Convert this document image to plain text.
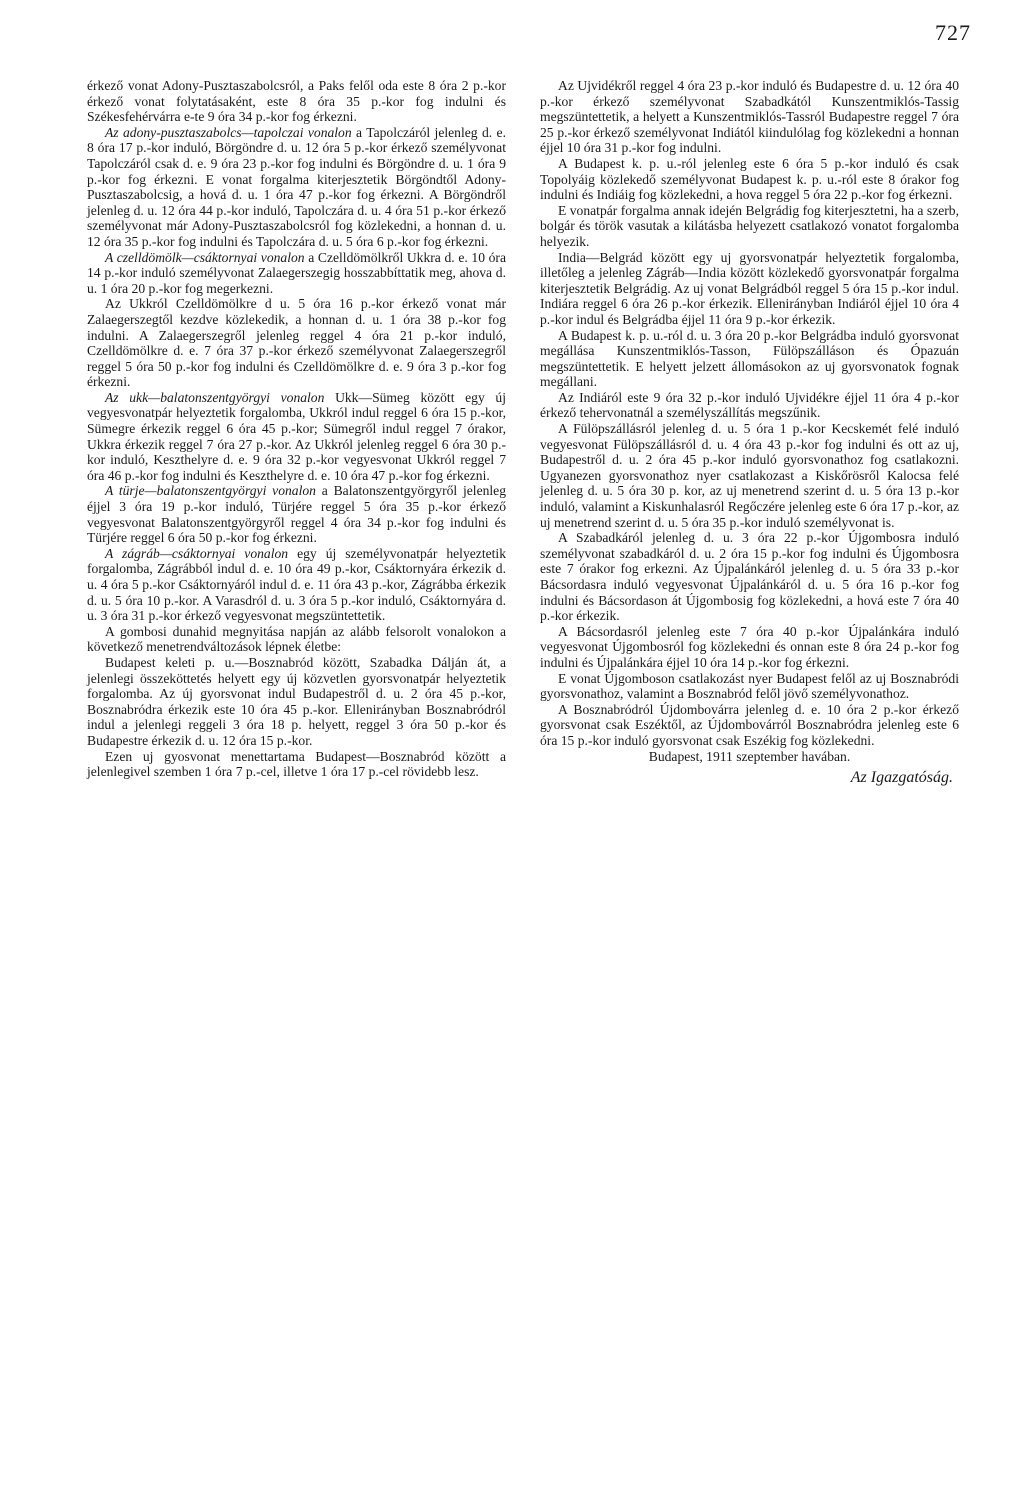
727

érkező vonat Adony-Pusztaszabolcsról, a Paks felől oda este 8 óra 2 p.-kor érkező vonat folytatásaként, este 8 óra 35 p.-kor fog indulni és Székesfehérvárra e-te 9 óra 34 p.-kor fog érkezni.

Az adony-pusztaszabolcs—tapolczai vonalon a Tapolczáról jelenleg d. e. 8 óra 17 p.-kor induló, Börgöndre d. u. 12 óra 5 p.-kor érkező személyvonat Tapolczáról csak d. e. 9 óra 23 p.-kor fog indulni és Börgöndre d. u. 1 óra 9 p.-kor fog érkezni. E vonat forgalma kiterjesztetik Börgöndtől Adony-Pusztaszabolcsig, a hová d. u. 1 óra 47 p.-kor fog érkezni. A Börgöndről jelenleg d. u. 12 óra 44 p.-kor induló, Tapolczára d. u. 4 óra 51 p.-kor érkező személyvonat már Adony-Pusztaszabolcsról fog közlekedni, a honnan d. u. 12 óra 35 p.-kor fog indulni és Tapolczára d. u. 5 óra 6 p.-kor fog érkezni.

A czelldömölk—csáktornyai vonalon a Czelldömölkről Ukkra d. e. 10 óra 14 p.-kor induló személyvonat Zalaegerszegig hosszabbíttatik meg, ahova d. u. 1 óra 20 p.-kor fog megerkezni.

Az Ukkról Czelldömölkre d u. 5 óra 16 p.-kor érkező vonat már Zalaegerszegtől kezdve közlekedik, a honnan d. u. 1 óra 38 p.-kor fog indulni. A Zalaegerszegről jelenleg reggel 4 óra 21 p.-kor induló, Czelldömölkre d. e. 7 óra 37 p.-kor érkező személyvonat Zalaegerszegről reggel 5 óra 50 p.-kor fog indulni és Czelldömölkre d. e. 9 óra 3 p.-kor fog érkezni.

Az ukk—balatonszentgyörgyi vonalon Ukk—Sümeg között egy új vegyesvonatpár helyeztetik forgalomba, Ukkról indul reggel 6 óra 15 p.-kor, Sümegre érkezik reggel 6 óra 45 p.-kor; Sümegről indul reggel 7 órakor, Ukkra érkezik reggel 7 óra 27 p.-kor. Az Ukkról jelenleg reggel 6 óra 30 p.-kor induló, Keszthelyre d. e. 9 óra 32 p.-kor vegyesvonat Ukkról reggel 7 óra 46 p.-kor fog indulni és Keszthelyre d. e. 10 óra 47 p.-kor fog érkezni.

A türje—balatonszentgyörgyi vonalon a Balatonszentgyörgyről jelenleg éjjel 3 óra 19 p.-kor induló, Türjére reggel 5 óra 35 p.-kor érkező vegyesvonat Balatonszentgyörgyről reggel 4 óra 34 p.-kor fog indulni és Türjére reggel 6 óra 50 p.-kor fog érkezni.

A zágráb—csáktornyai vonalon egy új személyvonatpár helyeztetik forgalomba, Zágrábból indul d. e. 10 óra 49 p.-kor, Csáktornyára érkezik d. u. 4 óra 5 p.-kor Csáktornyáról indul d. e. 11 óra 43 p.-kor, Zágrábba érkezik d. u. 5 óra 10 p.-kor. A Varasdról d. u. 3 óra 5 p.-kor induló, Csáktornyára d. u. 3 óra 31 p.-kor érkező vegyesvonat megszüntettetik.

A gombosi dunahid megnyitása napján az alább felsorolt vonalokon a következő menetrendváltozások lépnek életbe:

Budapest keleti p. u.—Bosznabród között, Szabadka Dálján át, a jelenlegi összeköttetés helyett egy új közvetlen gyorsvonatpár helyeztetik forgalomba. Az új gyorsvonat indul Budapestről d. u. 2 óra 45 p.-kor, Bosznabródra érkezik este 10 óra 45 p.-kor. Ellenirányban Bosznabródról indul a jelenlegi reggeli 3 óra 18 p. helyett, reggel 3 óra 50 p.-kor és Budapestre érkezik d. u. 12 óra 15 p.-kor.

Ezen uj gyosvonat menettartama Budapest—Bosznabród között a jelenlegivel szemben 1 óra 7 p.-cel, illetve 1 óra 17 p.-cel rövidebb lesz.

Az Ujvidékről reggel 4 óra 23 p.-kor induló és Budapestre d. u. 12 óra 40 p.-kor érkező személyvonat Szabadkától Kunszentmiklós-Tassig megszüntettetik, a helyett a Kunszentmiklós-Tassról Budapestre reggel 7 óra 25 p.-kor érkező személyvonat Indiától kiindulólag fog közlekedni a honnan éjjel 10 óra 31 p.-kor fog indulni.

A Budapest k. p. u.-ról jelenleg este 6 óra 5 p.-kor induló és csak Topolyáig közlekedő személyvonat Budapest k. p. u.-ról este 8 órakor fog indulni és Indiáig fog közlekedni, a hova reggel 5 óra 22 p.-kor fog érkezni.

E vonatpár forgalma annak idején Belgrádig fog kiterjesztetni, ha a szerb, bolgár és török vasutak a kilátásba helyezett csatlakozó vonatot forgalomba helyezik.

India—Belgrád között egy uj gyorsvonatpár helyeztetik forgalomba, illetőleg a jelenleg Zágráb—India között közlekedő gyorsvonatpár forgalma kiterjesztetik Belgrádig. Az uj vonat Belgrádból reggel 5 óra 15 p.-kor indul. Indiára reggel 6 óra 26 p.-kor érkezik. Ellenirányban Indiáról éjjel 10 óra 4 p.-kor indul és Belgrádba éjjel 11 óra 9 p.-kor érkezik.

A Budapest k. p. u.-ról d. u. 3 óra 20 p.-kor Belgrádba induló gyorsvonat megállása Kunszentmiklós-Tasson, Fülöpszálláson és Ópazuán megszüntettetik. E helyett jelzett állomásokon az uj gyorsvonatok fognak megállani.

Az Indiáról este 9 óra 32 p.-kor induló Ujvidékre éjjel 11 óra 4 p.-kor érkező tehervonatnál a személyszállítás megszűnik.

A Fülöpszállásról jelenleg d. u. 5 óra 1 p.-kor Kecskemét felé induló vegyesvonat Fülöpszállásról d. u. 4 óra 43 p.-kor fog indulni és ott az uj, Budapestről d. u. 2 óra 45 p.-kor induló gyorsvonathoz fog csatlakozni. Ugyanezen gyorsvonathoz nyer csatlakozast a Kiskőrösről Kalocsa felé jelenleg d. u. 5 óra 30 p. kor, az uj menetrend szerint d. u. 5 óra 13 p.-kor induló, valamint a Kiskunhalasról Regőczére jelenleg este 6 óra 17 p.-kor, az uj menetrend szerint d. u. 5 óra 35 p.-kor induló személyvonat is.

A Szabadkáról jelenleg d. u. 3 óra 22 p.-kor Újgombosra induló személyvonat szabadkáról d. u. 2 óra 15 p.-kor fog indulni és Újgombosra este 7 órakor fog erkezni. Az Újpalánkáról jelenleg d. u. 5 óra 33 p.-kor Bácsordasra induló vegyesvonat Újpalánkáról d. u. 5 óra 16 p.-kor fog indulni és Bácsordason át Újgombosig fog közlekedni, a hová este 7 óra 40 p.-kor érkezik.

A Bácsordasról jelenleg este 7 óra 40 p.-kor Újpalánkára induló vegyesvonat Újgombosról fog közlekedni és onnan este 8 óra 24 p.-kor fog indulni és Újpalánkára éjjel 10 óra 14 p.-kor fog érkezni.

E vonat Újgomboson csatlakozást nyer Budapest felől az uj Bosznabródi gyorsvonathoz, valamint a Bosznabród felől jövő személyvonathoz.

A Bosznabródról Újdombovárra jelenleg d. e. 10 óra 2 p.-kor érkező gyorsvonat csak Eszéktől, az Újdombovárról Bosznabródra jelenleg este 6 óra 15 p.-kor induló gyorsvonat csak Eszékig fog közlekedni.

Budapest, 1911 szeptember havában.

Az Igazgatóság.
